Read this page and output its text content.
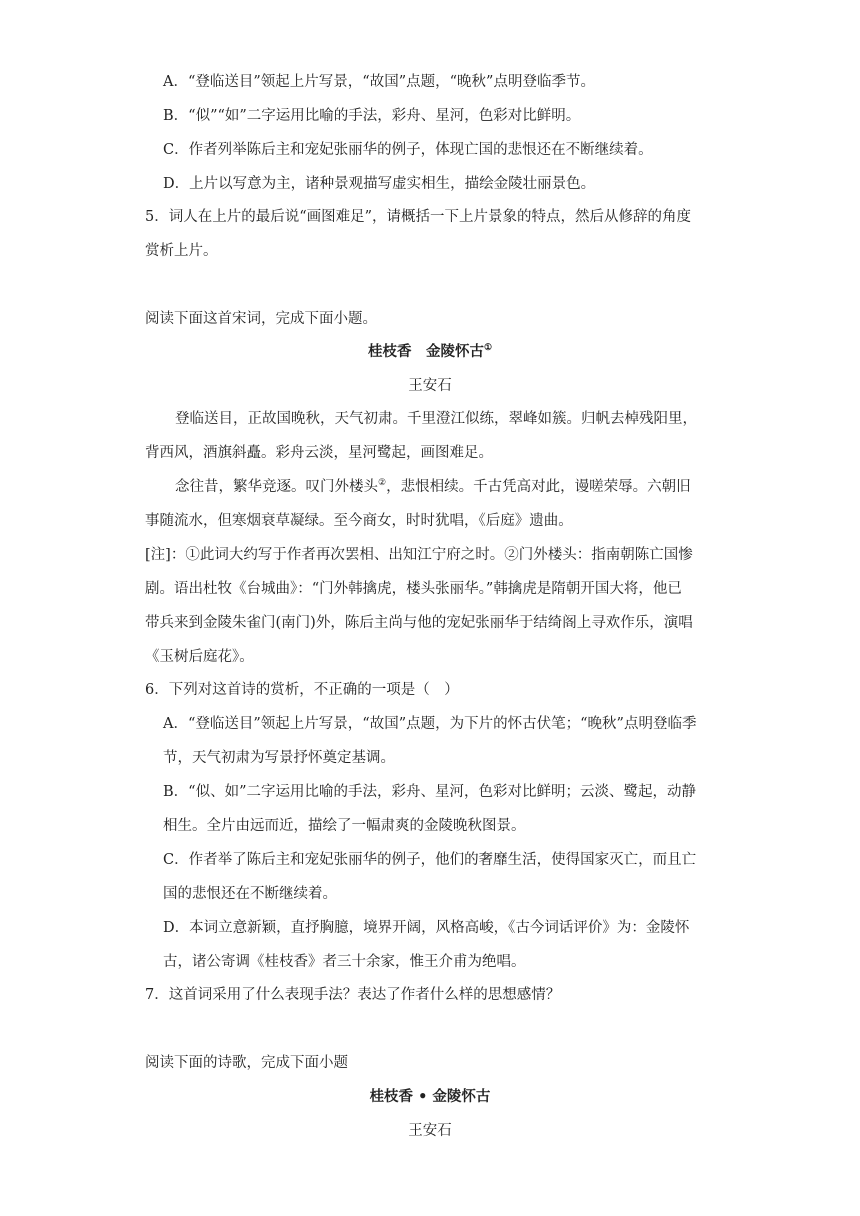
A．“登临送目”领起上片写景，“故国”点题，“晚秋”点明登临季节。
B．“似”“如”二字运用比喻的手法，彩舟、星河，色彩对比鲜明。
C．作者列举陈后主和宠妃张丽华的例子，体现亡国的悲恨还在不断继续着。
D．上片以写意为主，诸种景观描写虚实相生，描绘金陵壮丽景色。
5．词人在上片的最后说“画图难足”，请概括一下上片景象的特点，然后从修辞的角度
赏析上片。
阅读下面这首宋词，完成下面小题。
桂枝香　金陵怀古①
王安石
登临送目，正故国晚秋，天气初肃。千里澄江似练，翠峰如簇。归帆去棹残阳里，
背西风，酒旗斜矗。彩舟云淡，星河鹭起，画图难足。
念往昔，繁华竞逐。叹门外楼头②，悲恨相续。千古凭高对此，谩嗟荣辱。六朝旧
事随流水，但寒烟衰草凝绿。至今商女，时时犹唱，《后庭》遗曲。
[注]：①此词大约写于作者再次罢相、出知江宁府之时。②门外楼头：指南朝陈亡国惨
剧。语出杜牧《台城曲》：“门外韩擒虎，楼头张丽华。”韩擒虎是隋朝开国大将，他已
带兵来到金陵朱雀门(南门)外，陈后主尚与他的宠妃张丽华于结绮阁上寻欢作乐，演唱
《玉树后庭花》。
6．下列对这首诗的赏析，不正确的一项是（　）
A．“登临送目”领起上片写景，“故国”点题，为下片的怀古伏笔；“晚秋”点明登临季
节，天气初肃为写景抒怀奠定基调。
B．“似、如”二字运用比喻的手法，彩舟、星河，色彩对比鲜明；云淡、鹭起，动静
相生。全片由远而近，描绘了一幅肃爽的金陵晚秋图景。
C．作者举了陈后主和宠妃张丽华的例子，他们的奢靡生活，使得国家灭亡，而且亡
国的悲恨还在不断继续着。
D．本词立意新颖，直抒胸臆，境界开阔，风格高峻，《古今词话评价》为：金陵怀
古，诸公寄调《桂枝香》者三十余家，惟王介甫为绝唱。
7．这首词采用了什么表现手法？表达了作者什么样的思想感情？
阅读下面的诗歌，完成下面小题
桂枝香 • 金陵怀古
王安石
